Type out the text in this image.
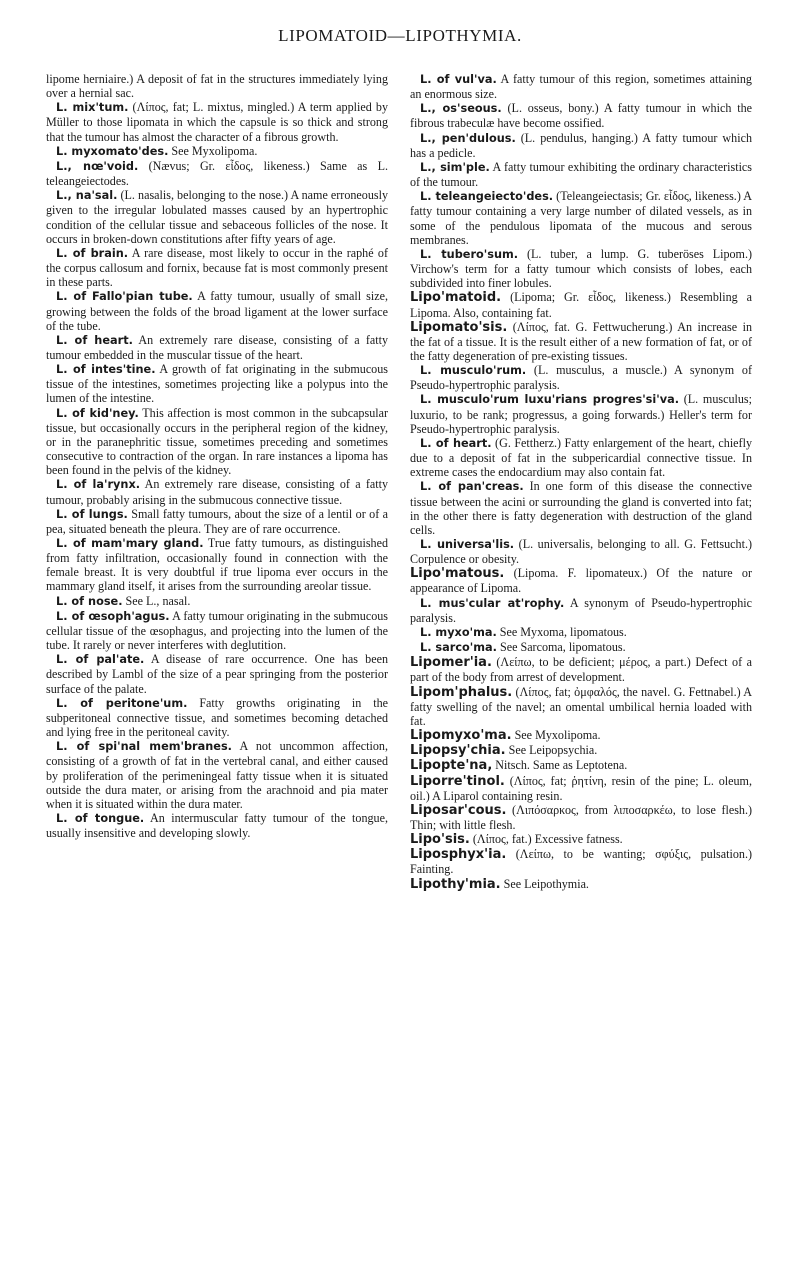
LIPOMATOID—LIPOTHYMIA.

lipome herniaire.) A deposit of fat in the structures immediately lying over a hernial sac.

L. mix'tum. (Λίπος, fat; L. mixtus, mingled.) A term applied by Müller to those lipomata in which the capsule is so thick and strong that the tumour has almost the character of a fibrous growth.

L. myxomato'des. See Myxolipoma.

L., nœ'void. (Nævus; Gr. εἶδος, likeness.) Same as L. teleangeiectodes.

L., na'sal. (L. nasalis, belonging to the nose.) A name erroneously given to the irregular lobulated masses caused by an hypertrophic condition of the cellular tissue and sebaceous follicles of the nose. It occurs in broken-down constitutions after fifty years of age.

L. of brain. A rare disease, most likely to occur in the raphé of the corpus callosum and fornix, because fat is most commonly present in these parts.

L. of Fallo'pian tube. A fatty tumour, usually of small size, growing between the folds of the broad ligament at the lower surface of the tube.

L. of heart. An extremely rare disease, consisting of a fatty tumour embedded in the muscular tissue of the heart.

L. of intes'tine. A growth of fat originating in the submucous tissue of the intestines, sometimes projecting like a polypus into the lumen of the intestine.

L. of kid'ney. This affection is most common in the subcapsular tissue, but occasionally occurs in the peripheral region of the kidney, or in the paranephritic tissue, sometimes preceding and sometimes consecutive to contraction of the organ. In rare instances a lipoma has been found in the pelvis of the kidney.

L. of la'rynx. An extremely rare disease, consisting of a fatty tumour, probably arising in the submucous connective tissue.

L. of lungs. Small fatty tumours, about the size of a lentil or of a pea, situated beneath the pleura. They are of rare occurrence.

L. of mam'mary gland. True fatty tumours, as distinguished from fatty infiltration, occasionally found in connection with the female breast. It is very doubtful if true lipoma ever occurs in the mammary gland itself, it arises from the surrounding areolar tissue.

L. of nose. See L., nasal.

L. of œsoph'agus. A fatty tumour originating in the submucous cellular tissue of the œsophagus, and projecting into the lumen of the tube. It rarely or never interferes with deglutition.

L. of pal'ate. A disease of rare occurrence. One has been described by Lambl of the size of a pear springing from the posterior surface of the palate.

L. of peritone'um. Fatty growths originating in the subperitoneal connective tissue, and sometimes becoming detached and lying free in the peritoneal cavity.

L. of spi'nal mem'branes. A not uncommon affection, consisting of a growth of fat in the vertebral canal, and either caused by proliferation of the perimeningeal fatty tissue when it is situated outside the dura mater, or arising from the arachnoid and pia mater when it is situated within the dura mater.

L. of tongue. An intermuscular fatty tumour of the tongue, usually insensitive and developing slowly.

L. of vul'va. A fatty tumour of this region, sometimes attaining an enormous size.

L., os'seous. (L. osseus, bony.) A fatty tumour in which the fibrous trabeculæ have become ossified.

L., pen'dulous. (L. pendulus, hanging.) A fatty tumour which has a pedicle.

L., sim'ple. A fatty tumour exhibiting the ordinary characteristics of the tumour.

L. teleangeiecto'des. (Teleangeiectasis; Gr. εἶδος, likeness.) A fatty tumour containing a very large number of dilated vessels, as in some of the pendulous lipomata of the mucous and serous membranes.

L. tubero'sum. (L. tuber, a lump. G. tuberöses Lipom.) Virchow's term for a fatty tumour which consists of lobes, each subdivided into finer lobules.

Lipo'matoid. (Lipoma; Gr. εἶδος, likeness.) Resembling a Lipoma. Also, containing fat.

Lipomato'sis. (Λίπος, fat. G. Fettwucherung.) An increase in the fat of a tissue. It is the result either of a new formation of fat, or of the fatty degeneration of pre-existing tissues.

L. musculo'rum. (L. musculus, a muscle.) A synonym of Pseudo-hypertrophic paralysis.

L. musculo'rum luxu'rians progres'si'va. (L. musculus; luxurio, to be rank; progressus, a going forwards.) Heller's term for Pseudo-hypertrophic paralysis.

L. of heart. (G. Fettherz.) Fatty enlargement of the heart, chiefly due to a deposit of fat in the subpericardial connective tissue. In extreme cases the endocardium may also contain fat.

L. of pan'creas. In one form of this disease the connective tissue between the acini or surrounding the gland is converted into fat; in the other there is fatty degeneration with destruction of the gland cells.

L. universa'lis. (L. universalis, belonging to all. G. Fettsucht.) Corpulence or obesity.

Lipo'matous. (Lipoma. F. lipomateux.) Of the nature or appearance of Lipoma.

L. mus'cular at'rophy. A synonym of Pseudo-hypertrophic paralysis.

L. myxo'ma. See Myxoma, lipomatous.

L. sarco'ma. See Sarcoma, lipomatous.

Lipomer'ia. (Λείπω, to be deficient; μέρος, a part.) Defect of a part of the body from arrest of development.

Lipom'phalus. (Λίπος, fat; ὀμφαλός, the navel. G. Fettnabel.) A fatty swelling of the navel; an omental umbilical hernia loaded with fat.

Lipomyxo'ma. See Myxolipoma.

Lipopsy'chia. See Leipopsychia.

Lipopte'na, Nitsch. Same as Leptotena.

Liporre'tinol. (Λίπος, fat; ῥητίνη, resin of the pine; L. oleum, oil.) A Liparol containing resin.

Liposar'cous. (Λιπόσαρκος, from λιποσαρκέω, to lose flesh.) Thin; with little flesh.

Lipo'sis. (Λίπος, fat.) Excessive fatness.

Liposphyx'ia. (Λείπω, to be wanting; σφύξις, pulsation.) Fainting.

Lipothy'mia. See Leipothymia.
